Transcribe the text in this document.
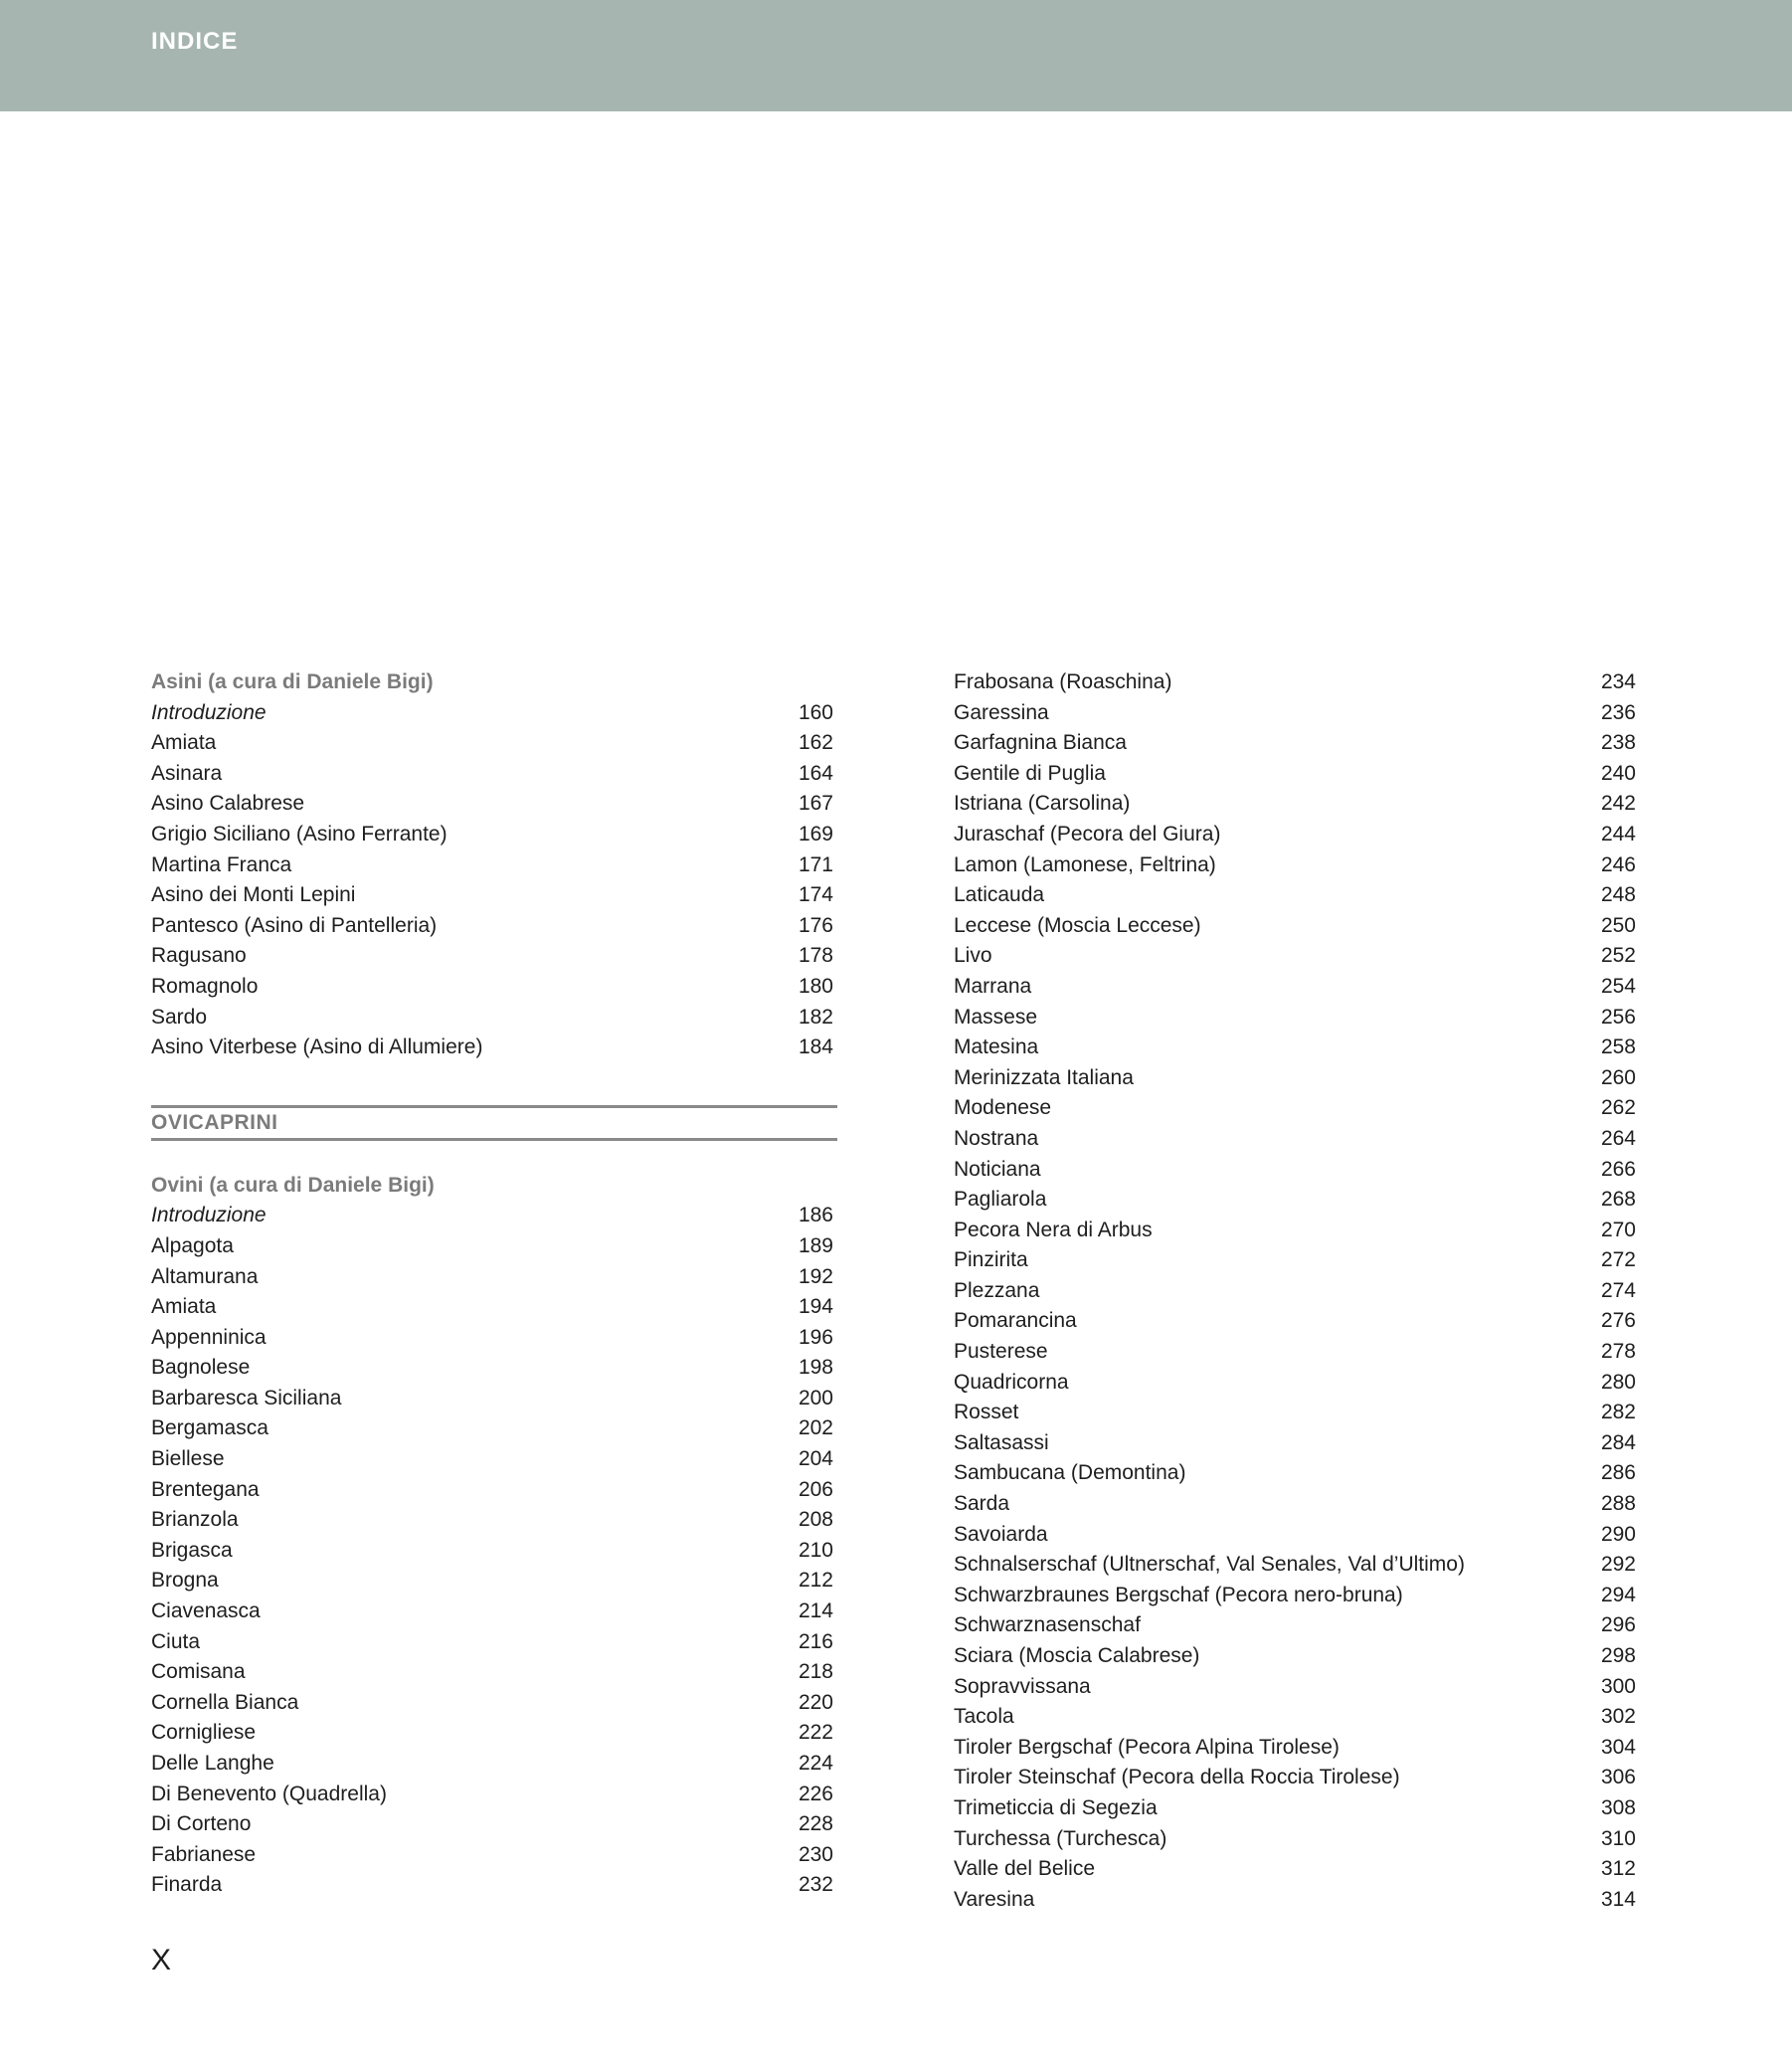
INDICE
Asini (a cura di Daniele Bigi)
Introduzione	160
Amiata	162
Asinara	164
Asino Calabrese	167
Grigio Siciliano (Asino Ferrante)	169
Martina Franca	171
Asino dei Monti Lepini	174
Pantesco (Asino di Pantelleria)	176
Ragusano	178
Romagnolo	180
Sardo	182
Asino Viterbese (Asino di Allumiere)	184
OVICAPRINI
Ovini (a cura di Daniele Bigi)
Introduzione	186
Alpagota	189
Altamurana	192
Amiata	194
Appenninica	196
Bagnolese	198
Barbaresca Siciliana	200
Bergamasca	202
Biellese	204
Brentegana	206
Brianzola	208
Brigasca	210
Brogna	212
Ciavenasca	214
Ciuta	216
Comisana	218
Cornella Bianca	220
Cornigliese	222
Delle Langhe	224
Di Benevento (Quadrella)	226
Di Corteno	228
Fabrianese	230
Finarda	232
Frabosana (Roaschina)	234
Garessina	236
Garfagnina Bianca	238
Gentile di Puglia	240
Istriana (Carsolina)	242
Juraschaf (Pecora del Giura)	244
Lamon (Lamonese, Feltrina)	246
Laticauda	248
Leccese (Moscia Leccese)	250
Livo	252
Marrana	254
Massese	256
Matesina	258
Merinizzata Italiana	260
Modenese	262
Nostrana	264
Noticiana	266
Pagliarola	268
Pecora Nera di Arbus	270
Pinzirita	272
Plezzana	274
Pomarancina	276
Pusterese	278
Quadricorna	280
Rosset	282
Saltasassi	284
Sambucana (Demontina)	286
Sarda	288
Savoiarda	290
Schnalserschaf (Ultnerschaf, Val Senales, Val d’Ultimo)	292
Schwarzbraunes Bergschaf (Pecora nero-bruna)	294
Schwarznasenschaf	296
Sciara (Moscia Calabrese)	298
Sopravvissana	300
Tacola	302
Tiroler Bergschaf (Pecora Alpina Tirolese)	304
Tiroler Steinschaf (Pecora della Roccia Tirolese)	306
Trimeticcia di Segezia	308
Turchessa (Turchesca)	310
Valle del Belice	312
Varesina	314
X
